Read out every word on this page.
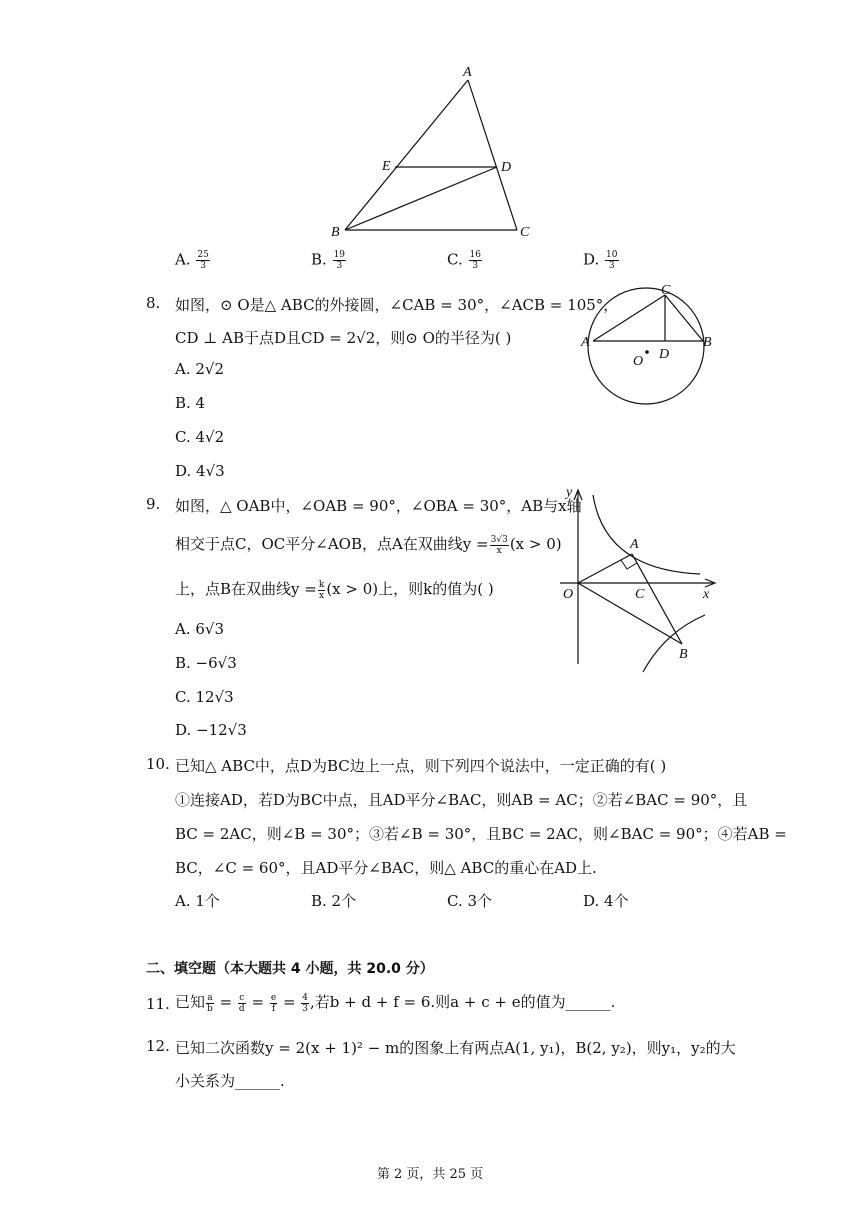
A
E	D
B	C
A. $\frac{25}{3}$	B. $\frac{19}{3}$	C. $\frac{16}{3}$	D. $\frac{10}{3}$
8. 如图，⊙ O是△ ABC的外接圆，∠CAB = 30°，∠ACB = 105°，
CD ⊥ AB于点D且CD = 2√2，则⊙ O的半径为( )
A. 2√2
B. 4
C. 4√2
D. 4√3
A	B
C
D
O
9. 如图，△ OAB中，∠OAB = 90°，∠OBA = 30°，AB与x轴
相交于点C，OC平分∠AOB，点A在双曲线$y = \frac{3√3}{x} (x > 0)$
上，点B在双曲线$y = \frac{k}{x} (x > 0)$上，则k的值为( )
A. 6√3
B. −6√3
C. 12√3
D. −12√3
y
x
O
A
C
B
10. 已知△ ABC中，点D为BC边上一点，则下列四个说法中，一定正确的有( )
①连接AD，若D为BC中点，且AD平分∠BAC，则AB = AC；②若∠BAC = 90°，且
BC = 2AC，则∠B = 30°；③若∠B = 30°，且BC = 2AC，则∠BAC = 90°；④若AB =
BC，∠C = 60°，且AD平分∠BAC，则△ ABC的重心在AD上.
A. 1个	B. 2个	C. 3个	D. 4个
二、填空题（本大题共 4 小题，共 20.0 分）
11. 已知 $\frac{a}{b} = \frac{c}{d} = \frac{e}{f} = \frac{4}{3}$ ,若b + d + f = 6.则a + c + e的值为______.
12. 已知二次函数y = 2(x + 1)² − m的图象上有两点A(1, y₁)，B(2, y₂)，则y₁，y₂的大
小关系为______.
第 2 页，共 25 页
